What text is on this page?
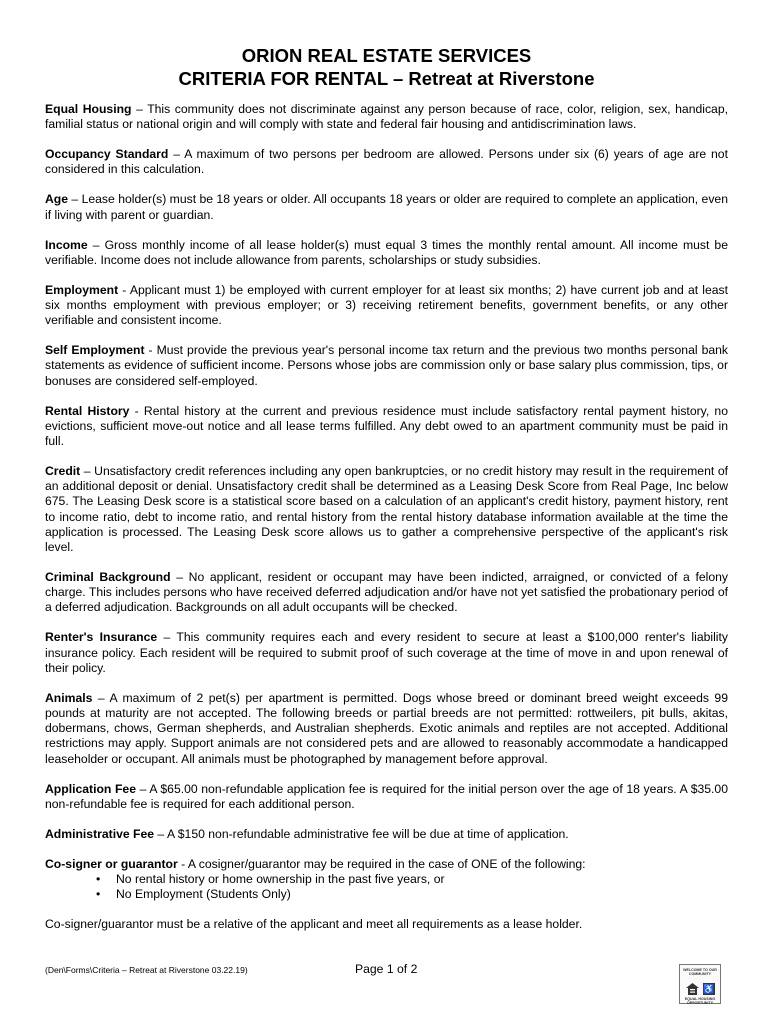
ORION REAL ESTATE SERVICES
CRITERIA FOR RENTAL – Retreat at Riverstone
Equal Housing – This community does not discriminate against any person because of race, color, religion, sex, handicap, familial status or national origin and will comply with state and federal fair housing and antidiscrimination laws.
Occupancy Standard – A maximum of two persons per bedroom are allowed. Persons under six (6) years of age are not considered in this calculation.
Age – Lease holder(s) must be 18 years or older. All occupants 18 years or older are required to complete an application, even if living with parent or guardian.
Income – Gross monthly income of all lease holder(s) must equal 3 times the monthly rental amount. All income must be verifiable. Income does not include allowance from parents, scholarships or study subsidies.
Employment - Applicant must 1) be employed with current employer for at least six months; 2) have current job and at least six months employment with previous employer; or 3) receiving retirement benefits, government benefits, or any other verifiable and consistent income.
Self Employment - Must provide the previous year's personal income tax return and the previous two months personal bank statements as evidence of sufficient income. Persons whose jobs are commission only or base salary plus commission, tips, or bonuses are considered self-employed.
Rental History - Rental history at the current and previous residence must include satisfactory rental payment history, no evictions, sufficient move-out notice and all lease terms fulfilled. Any debt owed to an apartment community must be paid in full.
Credit – Unsatisfactory credit references including any open bankruptcies, or no credit history may result in the requirement of an additional deposit or denial. Unsatisfactory credit shall be determined as a Leasing Desk Score from Real Page, Inc below 675. The Leasing Desk score is a statistical score based on a calculation of an applicant's credit history, payment history, rent to income ratio, debt to income ratio, and rental history from the rental history database information available at the time the application is processed. The Leasing Desk score allows us to gather a comprehensive perspective of the applicant's risk level.
Criminal Background – No applicant, resident or occupant may have been indicted, arraigned, or convicted of a felony charge. This includes persons who have received deferred adjudication and/or have not yet satisfied the probationary period of a deferred adjudication. Backgrounds on all adult occupants will be checked.
Renter's Insurance – This community requires each and every resident to secure at least a $100,000 renter's liability insurance policy. Each resident will be required to submit proof of such coverage at the time of move in and upon renewal of their policy.
Animals – A maximum of 2 pet(s) per apartment is permitted. Dogs whose breed or dominant breed weight exceeds 99 pounds at maturity are not accepted. The following breeds or partial breeds are not permitted: rottweilers, pit bulls, akitas, dobermans, chows, German shepherds, and Australian shepherds. Exotic animals and reptiles are not accepted. Additional restrictions may apply. Support animals are not considered pets and are allowed to reasonably accommodate a handicapped leaseholder or occupant. All animals must be photographed by management before approval.
Application Fee – A $65.00 non-refundable application fee is required for the initial person over the age of 18 years. A $35.00 non-refundable fee is required for each additional person.
Administrative Fee – A $150 non-refundable administrative fee will be due at time of application.
Co-signer or guarantor - A cosigner/guarantor may be required in the case of ONE of the following:
• No rental history or home ownership in the past five years, or
• No Employment (Students Only)
Co-signer/guarantor must be a relative of the applicant and meet all requirements as a lease holder.
(Den\Forms\Criteria – Retreat at Riverstone 03.22.19)	Page 1 of 2	WELCOME TO OUR COMMUNITY
♿
EQUAL HOUSING OPPORTUNITY
